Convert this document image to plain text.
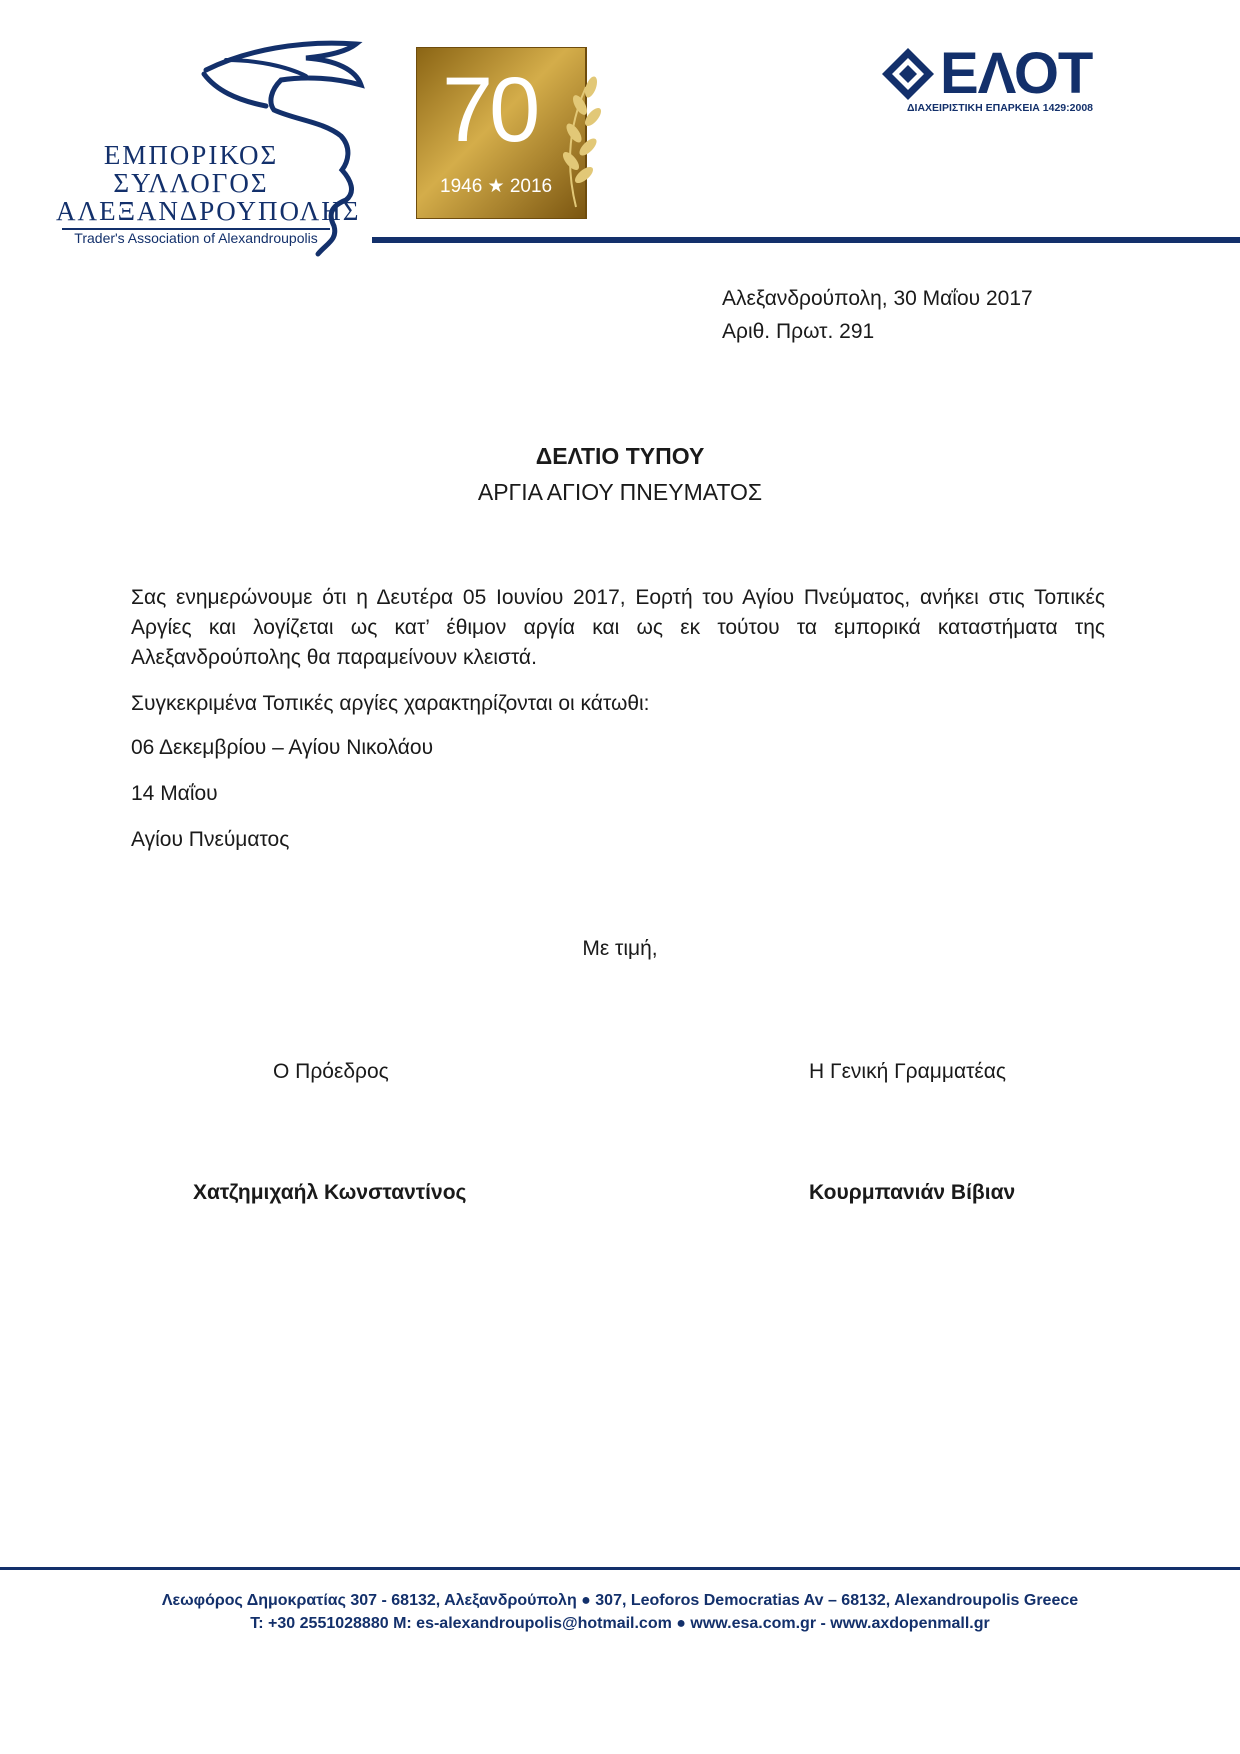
ΕΜΠΟΡΙΚΟΣ
ΣΥΛΛΟΓΟΣ
ΑΛΕΞΑΝΔΡΟΥΠΟΛΗΣ
Trader's Association of Alexandroupolis
70
1946 ★ 2016
ΕΛΟΤ
ΔΙΑΧΕΙΡΙΣΤΙΚΗ ΕΠΑΡΚΕΙΑ 1429:2008
Αλεξανδρούπολη, 30 Μαΐου 2017
Αριθ. Πρωτ. 291
ΔΕΛΤΙΟ ΤΥΠΟΥ
ΑΡΓΙΑ ΑΓΙΟΥ ΠΝΕΥΜΑΤΟΣ
Σας ενημερώνουμε ότι η Δευτέρα 05 Ιουνίου 2017, Εορτή του Αγίου Πνεύματος, ανήκει στις Τοπικές Αργίες και λογίζεται ως κατ’ έθιμον αργία και ως εκ τούτου τα εμπορικά καταστήματα της Αλεξανδρούπολης θα παραμείνουν κλειστά.
Συγκεκριμένα Τοπικές αργίες χαρακτηρίζονται οι κάτωθι:
06 Δεκεμβρίου – Αγίου Νικολάου
14 Μαΐου
Αγίου Πνεύματος
Με τιμή,
Ο Πρόεδρος	Η Γενική Γραμματέας
Χατζημιχαήλ Κωνσταντίνος	Κουρμπανιάν Βίβιαν
Λεωφόρος Δημοκρατίας 307 - 68132, Αλεξανδρούπολη ● 307, Leoforos Democratias Av – 68132, Alexandroupolis Greece
T: +30 2551028880 M: es-alexandroupolis@hotmail.com ● www.esa.com.gr - www.axdopenmall.gr
